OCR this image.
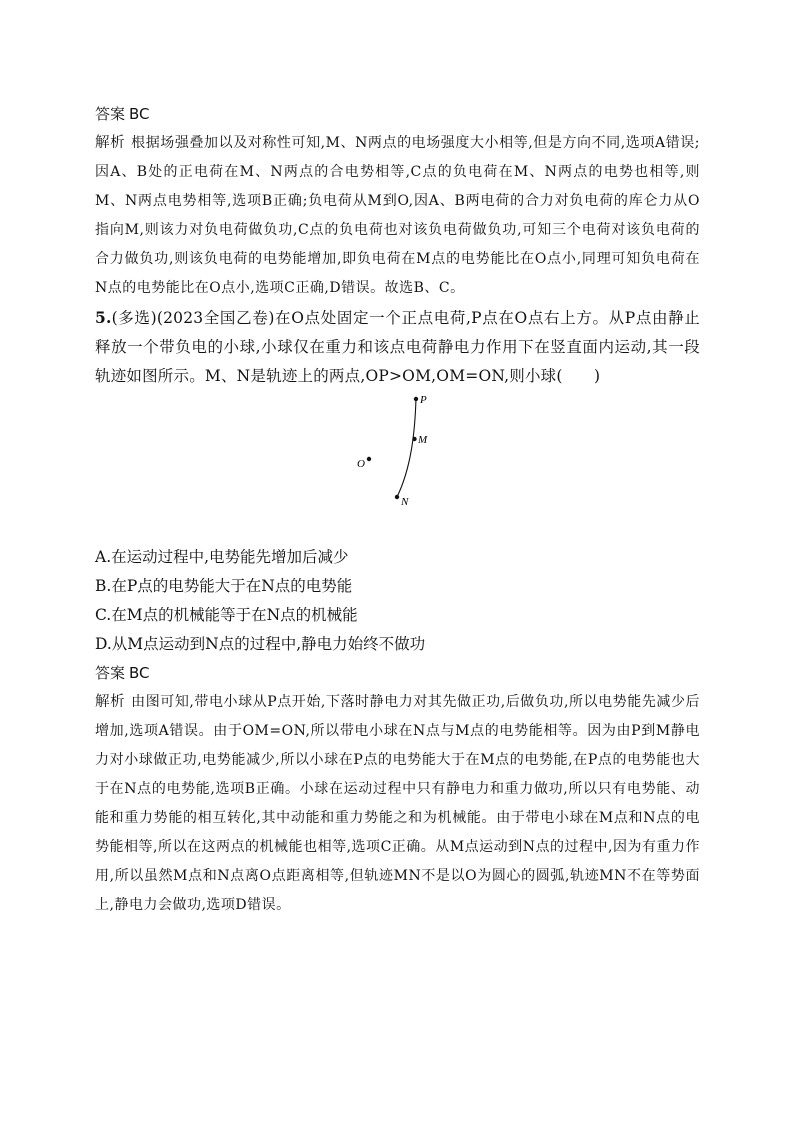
答案 BC
解析 根据场强叠加以及对称性可知,M、N两点的电场强度大小相等,但是方向不同,选项A错误;因A、B处的正电荷在M、N两点的合电势相等,C点的负电荷在M、N两点的电势也相等,则M、N两点电势相等,选项B正确;负电荷从M到O,因A、B两电荷的合力对负电荷的库仑力从O指向M,则该力对负电荷做负功,C点的负电荷也对该负电荷做负功,可知三个电荷对该负电荷的合力做负功,则该负电荷的电势能增加,即负电荷在M点的电势能比在O点小,同理可知负电荷在N点的电势能比在O点小,选项C正确,D错误。故选B、C。
5.(多选)(2023全国乙卷)在O点处固定一个正点电荷,P点在O点右上方。从P点由静止释放一个带负电的小球,小球仅在重力和该点电荷静电力作用下在竖直面内运动,其一段轨迹如图所示。M、N是轨迹上的两点,OP>OM,OM=ON,则小球(　　)
P
M
O
N

A.在运动过程中,电势能先增加后减少

B.在P点的电势能大于在N点的电势能

C.在M点的机械能等于在N点的机械能

D.从M点运动到N点的过程中,静电力始终不做功

答案 BC
解析 由图可知,带电小球从P点开始,下落时静电力对其先做正功,后做负功,所以电势能先减少后增加,选项A错误。由于OM=ON,所以带电小球在N点与M点的电势能相等。因为由P到M静电力对小球做正功,电势能减少,所以小球在P点的电势能大于在M点的电势能,在P点的电势能也大于在N点的电势能,选项B正确。小球在运动过程中只有静电力和重力做功,所以只有电势能、动能和重力势能的相互转化,其中动能和重力势能之和为机械能。由于带电小球在M点和N点的电势能相等,所以在这两点的机械能也相等,选项C正确。从M点运动到N点的过程中,因为有重力作用,所以虽然M点和N点离O点距离相等,但轨迹MN不是以O为圆心的圆弧,轨迹MN不在等势面上,静电力会做功,选项D错误。
